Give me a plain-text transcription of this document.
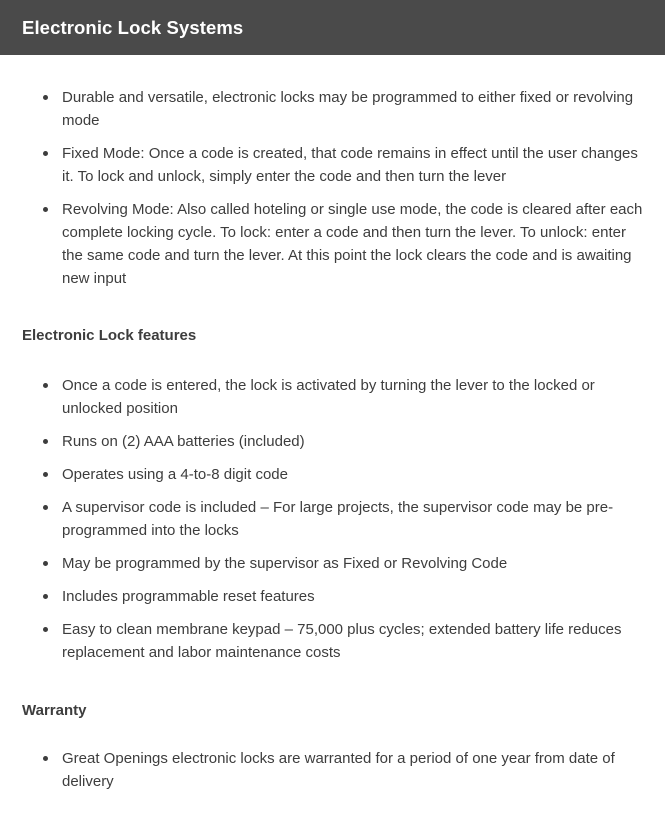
Electronic Lock Systems
Durable and versatile, electronic locks may be programmed to either fixed or revolving mode
Fixed Mode: Once a code is created, that code remains in effect until the user changes it. To lock and unlock, simply enter the code and then turn the lever
Revolving Mode: Also called hoteling or single use mode, the code is cleared after each complete locking cycle. To lock: enter a code and then turn the lever. To unlock: enter the same code and turn the lever. At this point the lock clears the code and is awaiting new input
Electronic Lock features
Once a code is entered, the lock is activated by turning the lever to the locked or unlocked position
Runs on (2) AAA batteries (included)
Operates using a 4-to-8 digit code
A supervisor code is included – For large projects, the supervisor code may be pre-programmed into the locks
May be programmed by the supervisor as Fixed or Revolving Code
Includes programmable reset features
Easy to clean membrane keypad – 75,000 plus cycles; extended battery life reduces replacement and labor maintenance costs
Warranty
Great Openings electronic locks are warranted for a period of one year from date of delivery
